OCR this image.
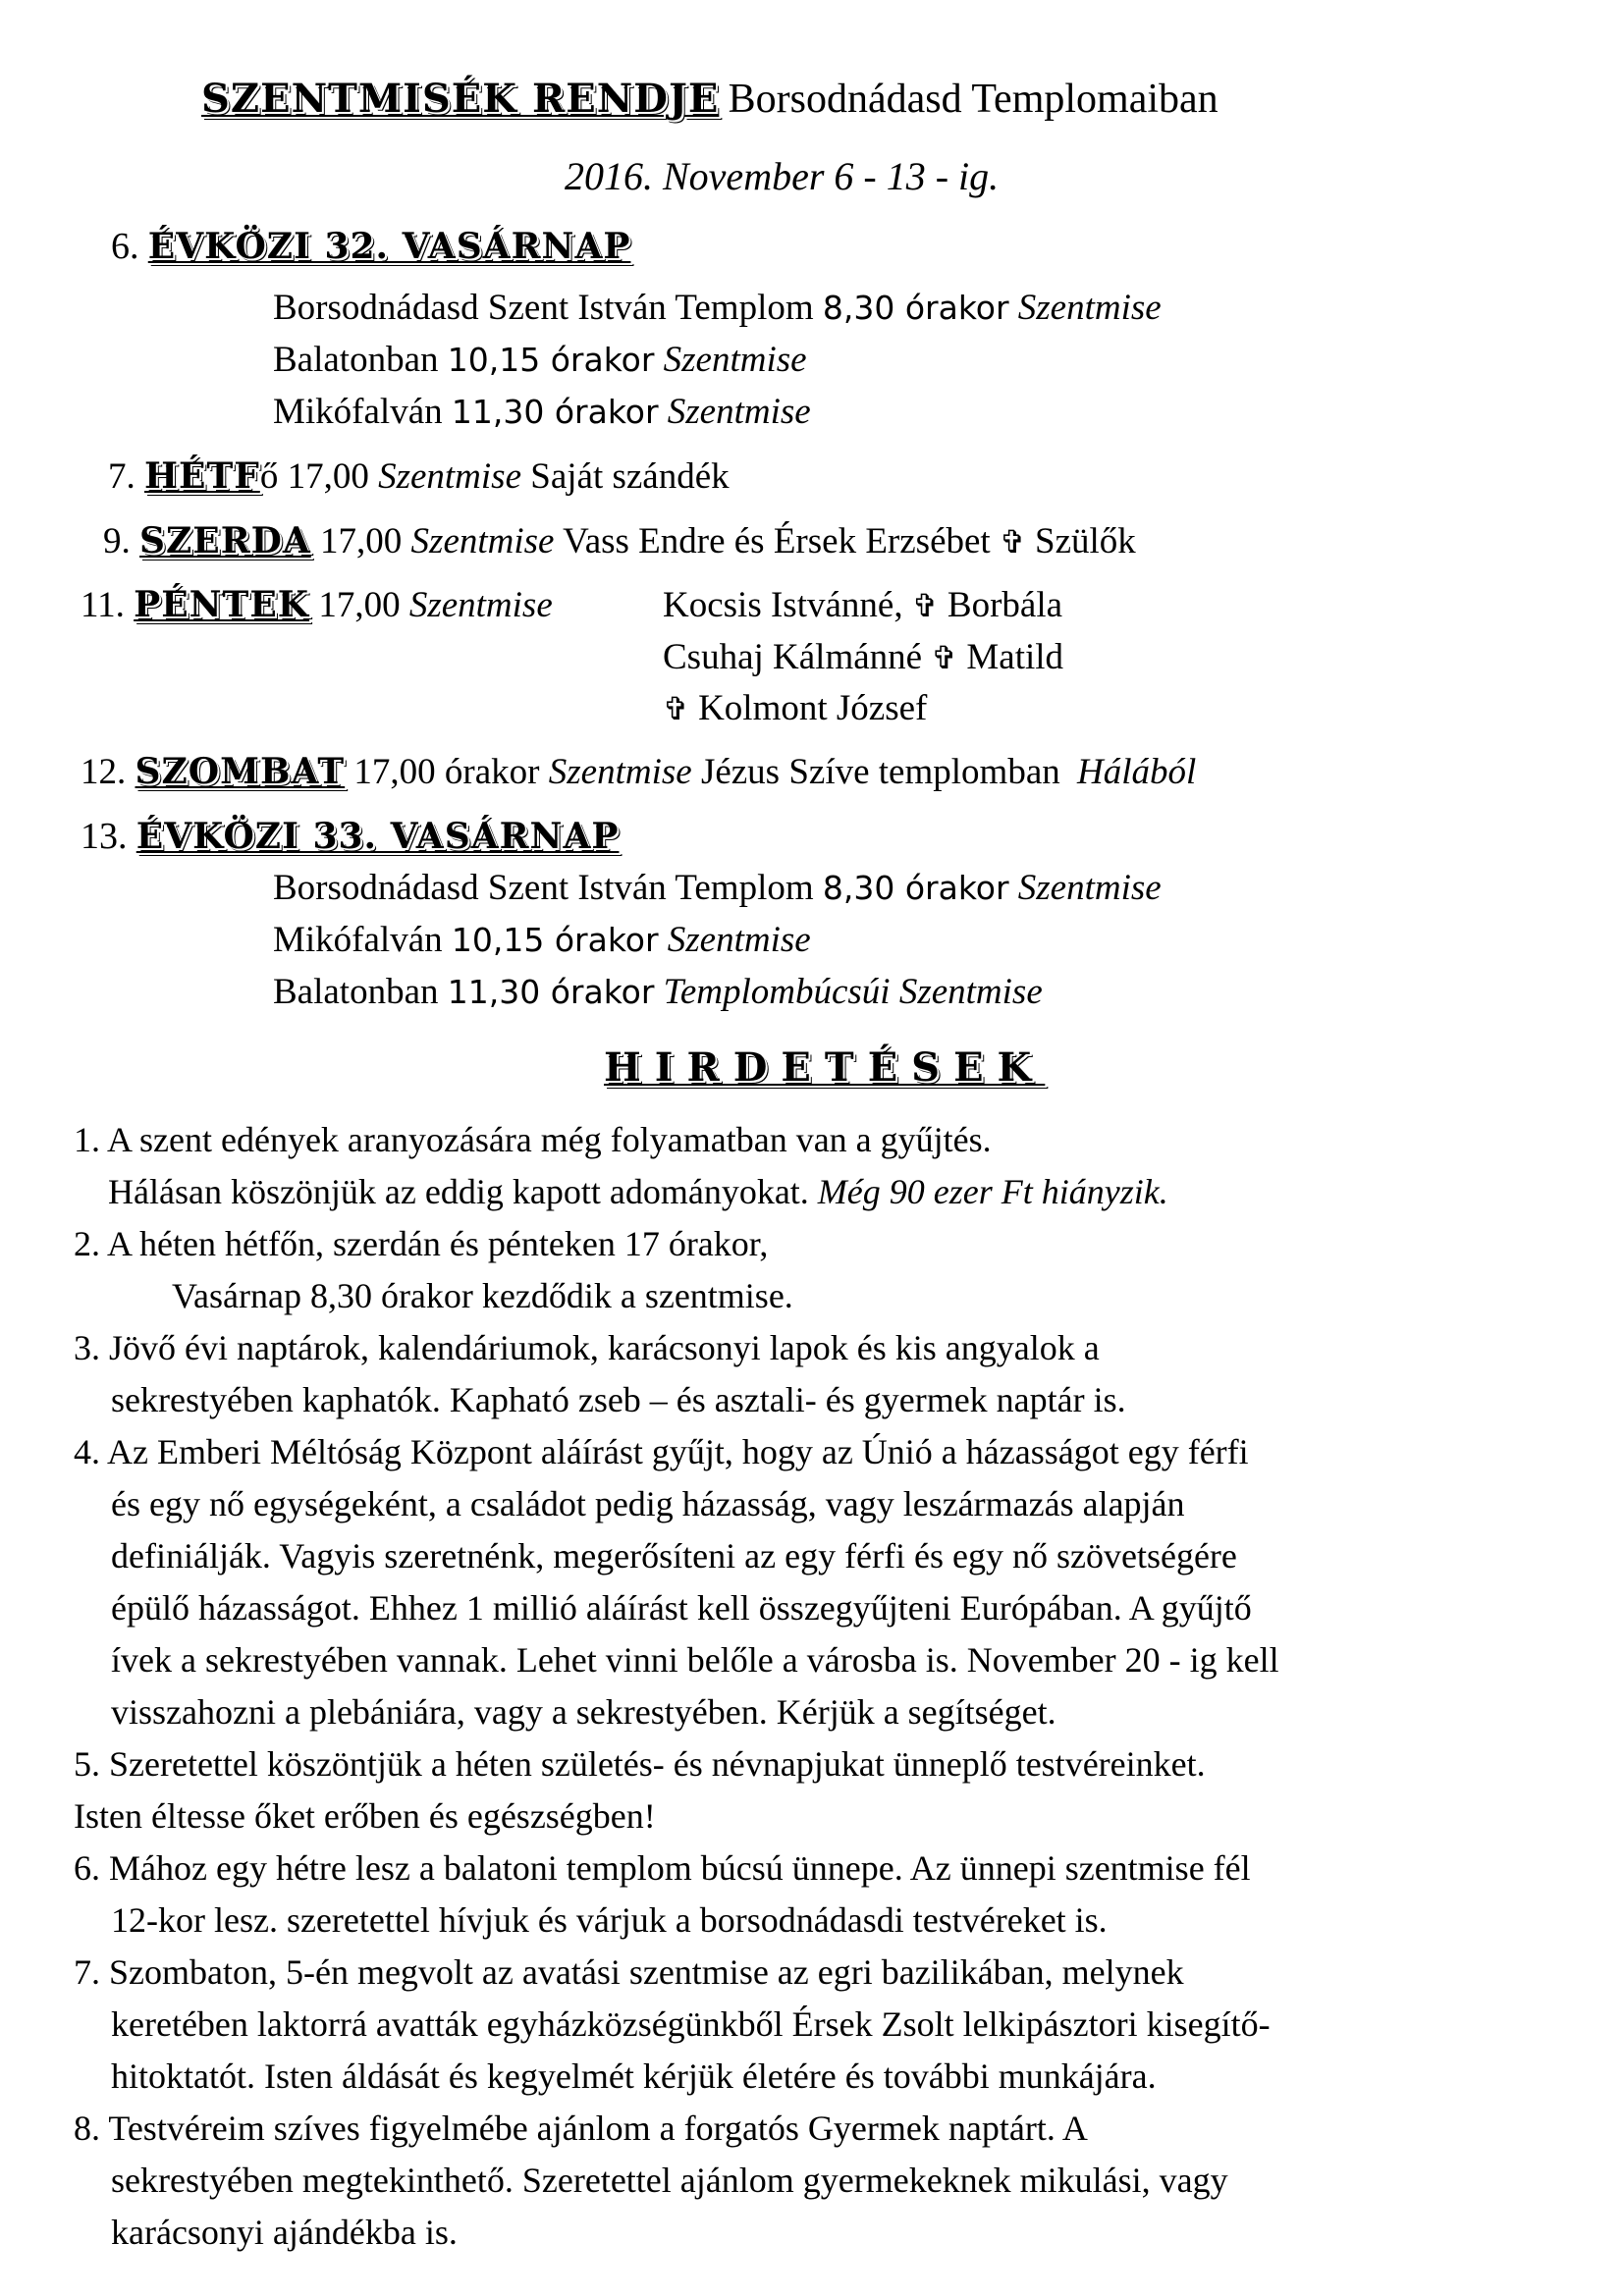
SZENTMISÉK RENDJE Borsodnádasd Templomaiban
2016. November 6 - 13 - ig.
6. ÉVKÖZI 32. VASÁRNAP
Borsodnádasd Szent István Templom 8,30 órakor Szentmise
Balatonban 10,15 órakor Szentmise
Mikófalván 11,30 órakor Szentmise
7. HÉTFő 17,00 Szentmise Saját szándék
9. SZERDA 17,00 Szentmise Vass Endre és Érsek Erzsébet ✞ Szülők
11. PÉNTEK 17,00 Szentmise	Kocsis Istvánné, ✞ Borbála
Csuhaj Kálmánné ✞ Matild
✞ Kolmont József
12. SZOMBAT 17,00 órakor Szentmise Jézus Szíve templomban Hálából
13. ÉVKÖZI 33. VASÁRNAP
Borsodnádasd Szent István Templom 8,30 órakor Szentmise
Mikófalván 10,15 órakor Szentmise
Balatonban 11,30 órakor Templombúcsúi Szentmise
HIRDETÉSEK
1. A szent edények aranyozására még folyamatban van a gyűjtés.
Hálásan köszönjük az eddig kapott adományokat. Még 90 ezer Ft hiányzik.
2. A héten hétfőn, szerdán és pénteken 17 órakor,
Vasárnap 8,30 órakor kezdődik a szentmise.
3. Jövő évi naptárok, kalendáriumok, karácsonyi lapok és kis angyalok a
sekrestyében kaphatók. Kapható zseb – és asztali- és gyermek naptár is.
4. Az Emberi Méltóság Központ aláírást gyűjt, hogy az Únió a házasságot egy férfi
és egy nő egységeként, a családot pedig házasság, vagy leszármazás alapján
definiálják. Vagyis szeretnénk, megerősíteni az egy férfi és egy nő szövetségére
épülő házasságot. Ehhez 1 millió aláírást kell összegyűjteni Európában. A gyűjtő
ívek a sekrestyében vannak. Lehet vinni belőle a városba is. November 20 - ig kell
visszahozni a plebániára, vagy a sekrestyében. Kérjük a segítséget.
5. Szeretettel köszöntjük a héten születés- és névnapjukat ünneplő testvéreinket.
Isten éltesse őket erőben és egészségben!
6. Mához egy hétre lesz a balatoni templom búcsú ünnepe. Az ünnepi szentmise fél
12-kor lesz. szeretettel hívjuk és várjuk a borsodnádasdi testvéreket is.
7. Szombaton, 5-én megvolt az avatási szentmise az egri bazilikában, melynek
keretében laktorrá avatták egyházközségünkből Érsek Zsolt lelkipásztori kisegítő-
hitoktatót. Isten áldását és kegyelmét kérjük életére és további munkájára.
8. Testvéreim szíves figyelmébe ajánlom a forgatós Gyermek naptárt. A
sekrestyében megtekinthető. Szeretettel ajánlom gyermekeknek mikulási, vagy
karácsonyi ajándékba is.
